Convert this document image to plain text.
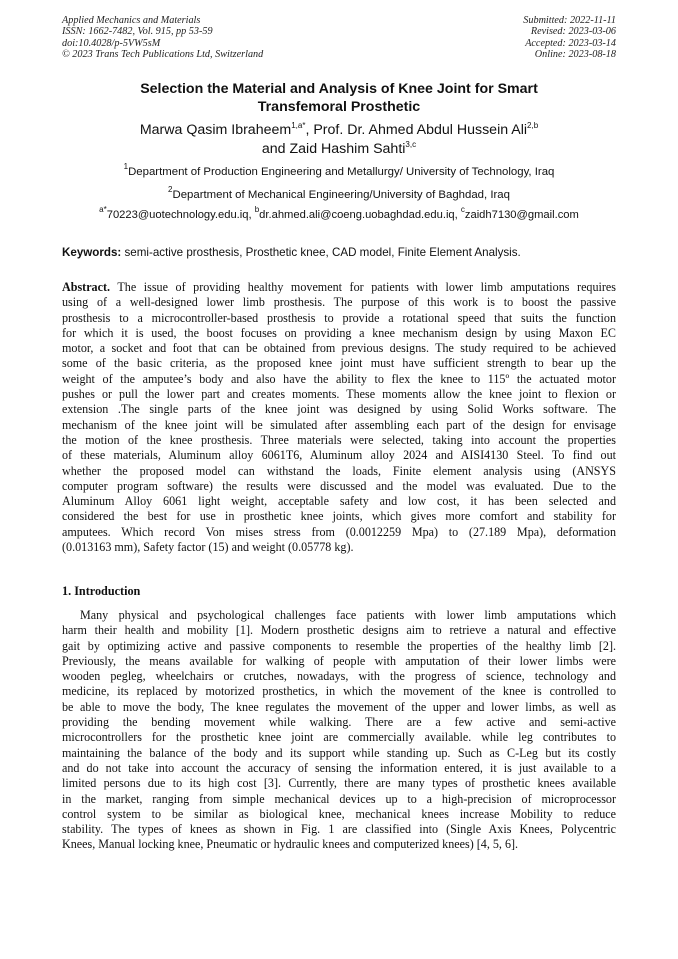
Applied Mechanics and Materials
ISSN: 1662-7482, Vol. 915, pp 53-59
doi:10.4028/p-5VW5sM
© 2023 Trans Tech Publications Ltd, Switzerland
Submitted: 2022-11-11
Revised: 2023-03-06
Accepted: 2023-03-14
Online: 2023-08-18
Selection the Material and Analysis of Knee Joint for Smart
Transfemoral Prosthetic
Marwa Qasim Ibraheem$^{1,a*}$, Prof. Dr. Ahmed Abdul Hussein Ali$^{2,b}$
and Zaid Hashim Sahti$^{3,c}$
$^1$Department of Production Engineering and Metallurgy/ University of Technology, Iraq
$^2$Department of Mechanical Engineering/University of Baghdad, Iraq
$^{a*}$70223@uotechnology.edu.iq, $^b$dr.ahmed.ali@coeng.uobaghdad.edu.iq, $^c$zaidh7130@gmail.com
Keywords: semi-active prosthesis, Prosthetic knee, CAD model, Finite Element Analysis.
Abstract. The issue of providing healthy movement for patients with lower limb amputations requires
using of a well-designed lower limb prosthesis. The purpose of this work is to boost the passive
prosthesis to a microcontroller-based prosthesis to provide a rotational speed that suits the function
for which it is used, the boost focuses on providing a knee mechanism design by using Maxon EC
motor, a socket and foot that can be obtained from previous designs. The study required to be achieved
some of the basic criteria, as the proposed knee joint must have sufficient strength to bear up the
weight of the amputee’s body and also have the ability to flex the knee to 115º the actuated motor
pushes or pull the lower part and creates moments. These moments allow the knee joint to flexion or
extension .The single parts of the knee joint was designed by using Solid Works software. The
mechanism of the knee joint will be simulated after assembling each part of the design for envisage
the motion of the knee prosthesis. Three materials were selected, taking into account the properties
of these materials, Aluminum alloy 6061T6, Aluminum alloy 2024 and AISI4130 Steel. To find out
whether the proposed model can withstand the loads, Finite element analysis using (ANSYS
computer program software) the results were discussed and the model was evaluated. Due to the
Aluminum Alloy 6061 light weight, acceptable safety and low cost, it has been selected and
considered the best for use in prosthetic knee joints, which gives more comfort and stability for
amputees. Which record Von mises stress from (0.0012259 Mpa) to (27.189 Mpa), deformation
(0.013163 mm), Safety factor (15) and weight (0.05778 kg).
1. Introduction
Many physical and psychological challenges face patients with lower limb amputations which
harm their health and mobility [1]. Modern prosthetic designs aim to retrieve a natural and effective
gait by optimizing active and passive components to resemble the properties of the healthy limb [2].
Previously, the means available for walking of people with amputation of their lower limbs were
wooden pegleg, wheelchairs or crutches, nowadays, with the progress of science, technology and
medicine, its replaced by motorized prosthetics, in which the movement of the knee is controlled to
be able to move the body, The knee regulates the movement of the upper and lower limbs, as well as
providing the bending movement while walking. There are a few active and semi-active
microcontrollers for the prosthetic knee joint are commercially available. while leg contributes to
maintaining the balance of the body and its support while standing up. Such as C-Leg but its costly
and do not take into account the accuracy of sensing the information entered, it is just available to a
limited persons due to its high cost [3]. Currently, there are many types of prosthetic knees available
in the market, ranging from simple mechanical devices up to a high-precision of microprocessor
control system to be similar as biological knee, mechanical knees increase Mobility to reduce
stability. The types of knees as shown in Fig. 1 are classified into (Single Axis Knees, Polycentric
Knees, Manual locking knee, Pneumatic or hydraulic knees and computerized knees) [4, 5, 6].
